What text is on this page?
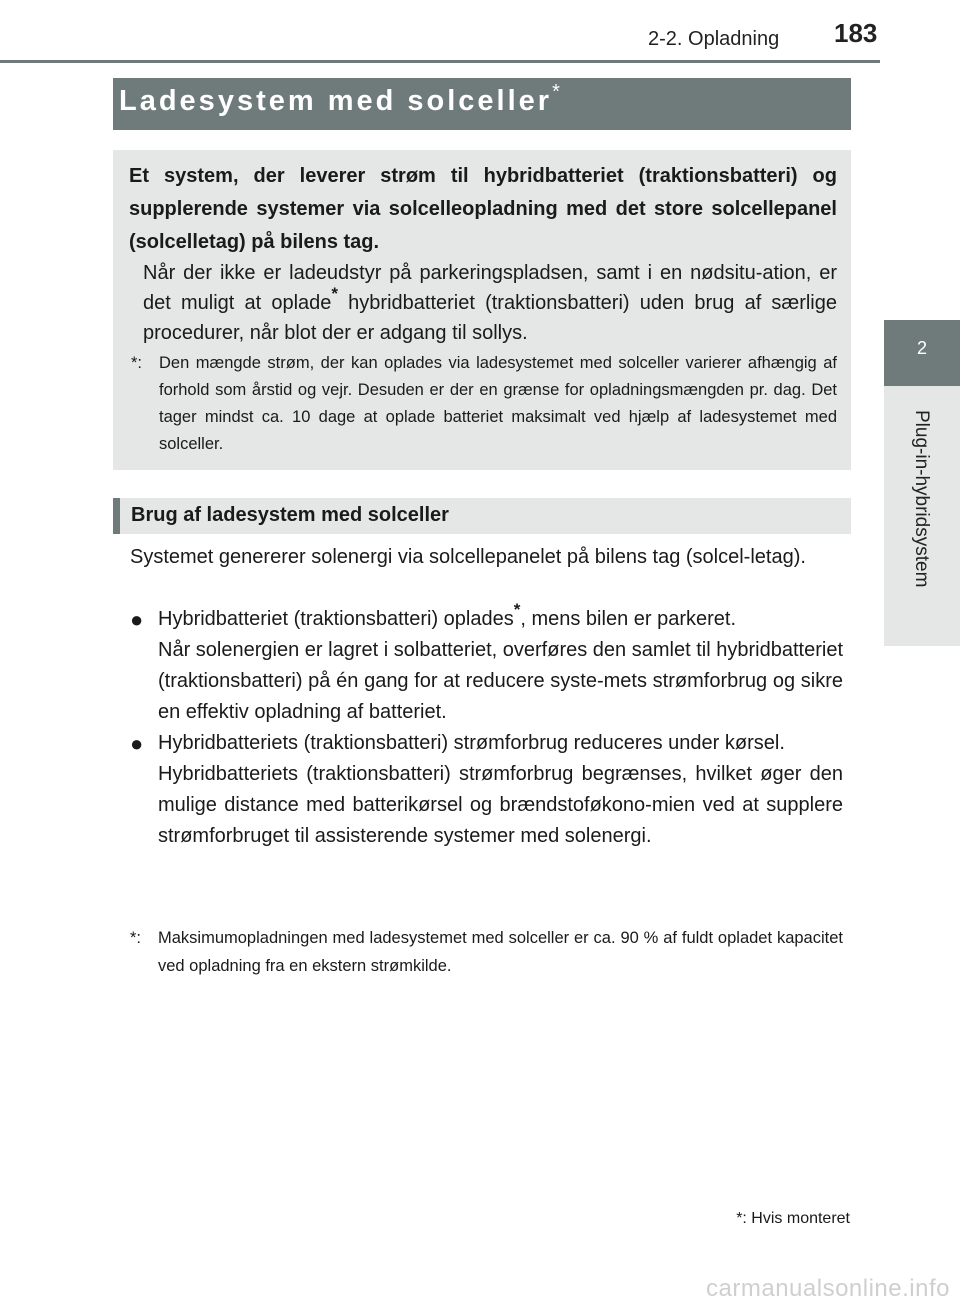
2-2. Opladning 183
2
Plug-in-hybridsystem
Ladesystem med solceller*
Et system, der leverer strøm til hybridbatteriet (traktionsbatteri) og supplerende systemer via solcelleopladning med det store solcellepanel (solcelletag) på bilens tag.
Når der ikke er ladeudstyr på parkeringspladsen, samt i en nødsitu-ation, er det muligt at oplade* hybridbatteriet (traktionsbatteri) uden brug af særlige procedurer, når blot der er adgang til sollys.
*:	Den mængde strøm, der kan oplades via ladesystemet med solceller varierer afhængig af forhold som årstid og vejr. Desuden er der en grænse for opladningsmængden pr. dag. Det tager mindst ca. 10 dage at oplade batteriet maksimalt ved hjælp af ladesystemet med solceller.
Brug af ladesystem med solceller
Systemet genererer solenergi via solcellepanelet på bilens tag (solcel-letag).
● Hybridbatteriet (traktionsbatteri) oplades*, mens bilen er parkeret.
Når solenergien er lagret i solbatteriet, overføres den samlet til hybridbatteriet (traktionsbatteri) på én gang for at reducere syste-mets strømforbrug og sikre en effektiv opladning af batteriet.
● Hybridbatteriets (traktionsbatteri) strømforbrug reduceres under kørsel.
Hybridbatteriets (traktionsbatteri) strømforbrug begrænses, hvilket øger den mulige distance med batterikørsel og brændstoføkono-mien ved at supplere strømforbruget til assisterende systemer med solenergi.
*:	Maksimumopladningen med ladesystemet med solceller er ca. 90 % af fuldt opladet kapacitet ved opladning fra en ekstern strømkilde.
*: Hvis monteret
carmanualsonline.info
